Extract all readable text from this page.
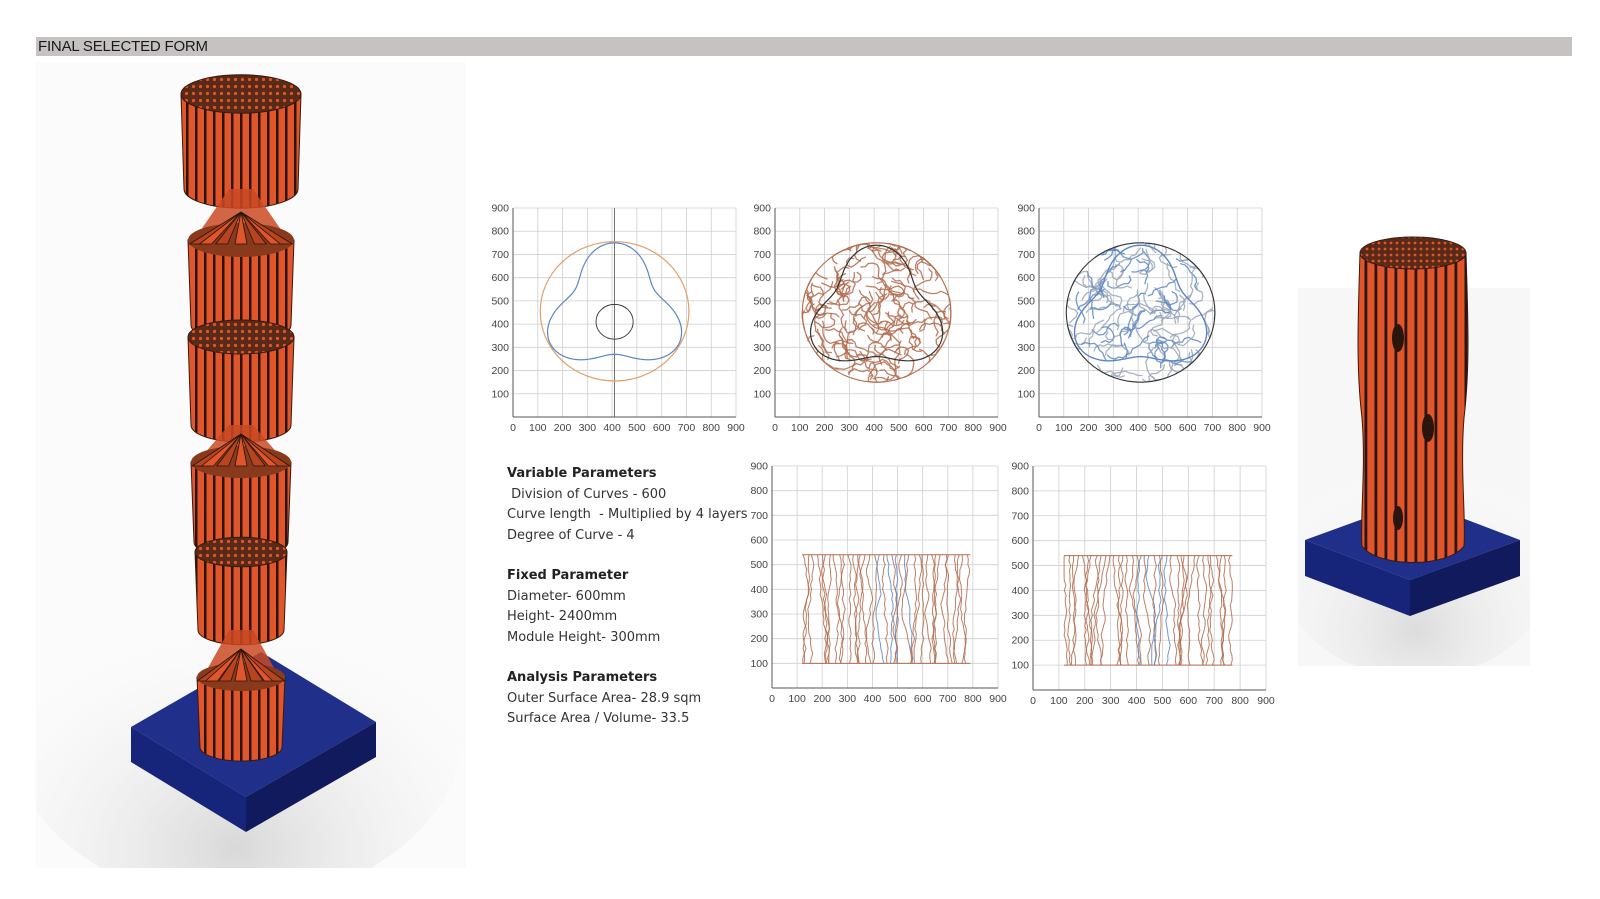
FINAL SELECTED FORM
0 100 200 300 400 500 600 700 800 900
100
200
300
400
500
600
700
800
900
0 100 200 300 400 500 600 700 800 900
100
200
300
400
500
600
700
800
900
0 100 200 300 400 500 600 700 800 900
100
200
300
400
500
600
700
800
900
0 100 200 300 400 500 600 700 800 900
100
200
300
400
500
600
700
800
900
0 100 200 300 400 500 600 700 800 900
100
200
300
400
500
600
700
800
900
Variable Parameters
Division of Curves - 600
Curve length  - Multiplied by 4 layers
Degree of Curve - 4
Fixed Parameter
Diameter- 600mm
Height- 2400mm
Module Height- 300mm
Analysis Parameters
Outer Surface Area- 28.9 sqm
Surface Area / Volume- 33.5
